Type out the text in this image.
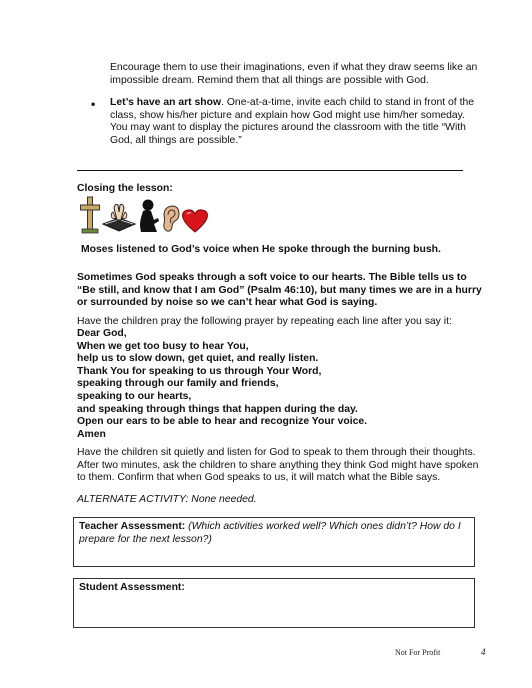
Encourage them to use their imaginations, even if what they draw seems like an impossible dream. Remind them that all things are possible with God.

• Let’s have an art show. One-at-a-time, invite each child to stand in front of the class, show his/her picture and explain how God might use him/her someday. You may want to display the pictures around the classroom with the title “With God, all things are possible.”

Closing the lesson:

Moses listened to God’s voice when He spoke through the burning bush.

Sometimes God speaks through a soft voice to our hearts. The Bible tells us to “Be still, and know that I am God” (Psalm 46:10), but many times we are in a hurry or surrounded by noise so we can’t hear what God is saying.

Have the children pray the following prayer by repeating each line after you say it:

Dear God,

When we get too busy to hear You,

help us to slow down, get quiet, and really listen.

Thank You for speaking to us through Your Word,

speaking through our family and friends,

speaking to our hearts,

and speaking through things that happen during the day.

Open our ears to be able to hear and recognize Your voice.

Amen

Have the children sit quietly and listen for God to speak to them through their thoughts. After two minutes, ask the children to share anything they think God might have spoken to them. Confirm that when God speaks to us, it will match what the Bible says.

ALTERNATE ACTIVITY: None needed.

Teacher Assessment: (Which activities worked well? Which ones didn’t? How do I prepare for the next lesson?)

Student Assessment:

Not For Profit	4
